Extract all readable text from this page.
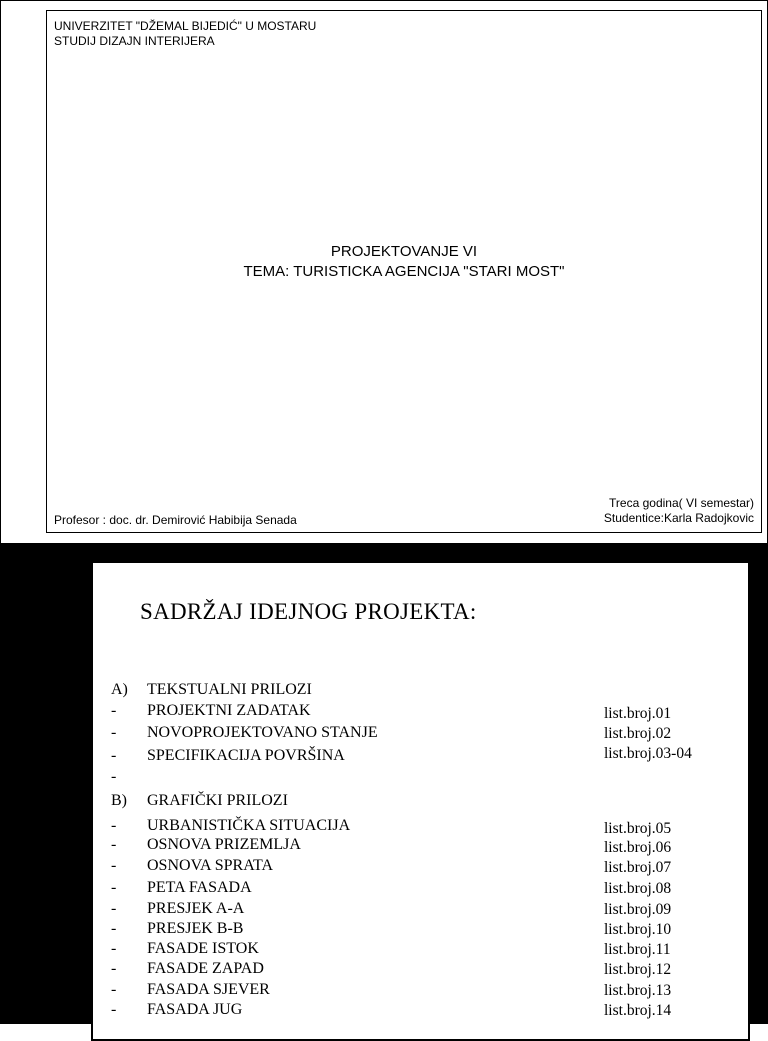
UNIVERZITET "DŽEMAL BIJEDIĆ" U MOSTARU
STUDIJ DIZAJN INTERIJERA
PROJEKTOVANJE VI
TEMA: TURISTICKA AGENCIJA "STARI MOST"
Profesor : doc. dr. Demirović Habibija Senada
Treca godina( VI semestar)
Studentice:Karla Radojkovic
SADRŽAJ IDEJNOG PROJEKTA:
A)	TEKSTUALNI PRILOZI
-	PROJEKTNI ZADATAK	list.broj.01
-	NOVOPROJEKTOVANO STANJE	list.broj.02
-	SPECIFIKACIJA POVRŠINA	list.broj.03-04
-
B)	GRAFIČKI PRILOZI
-	URBANISTIČKA SITUACIJA	list.broj.05
-	OSNOVA PRIZEMLJA	list.broj.06
-	OSNOVA SPRATA	list.broj.07
-	PETA FASADA	list.broj.08
-	PRESJEK A-A	list.broj.09
-	PRESJEK B-B	list.broj.10
-	FASADE ISTOK	list.broj.11
-	FASADE ZAPAD	list.broj.12
-	FASADA SJEVER	list.broj.13
-	FASADA JUG	list.broj.14
